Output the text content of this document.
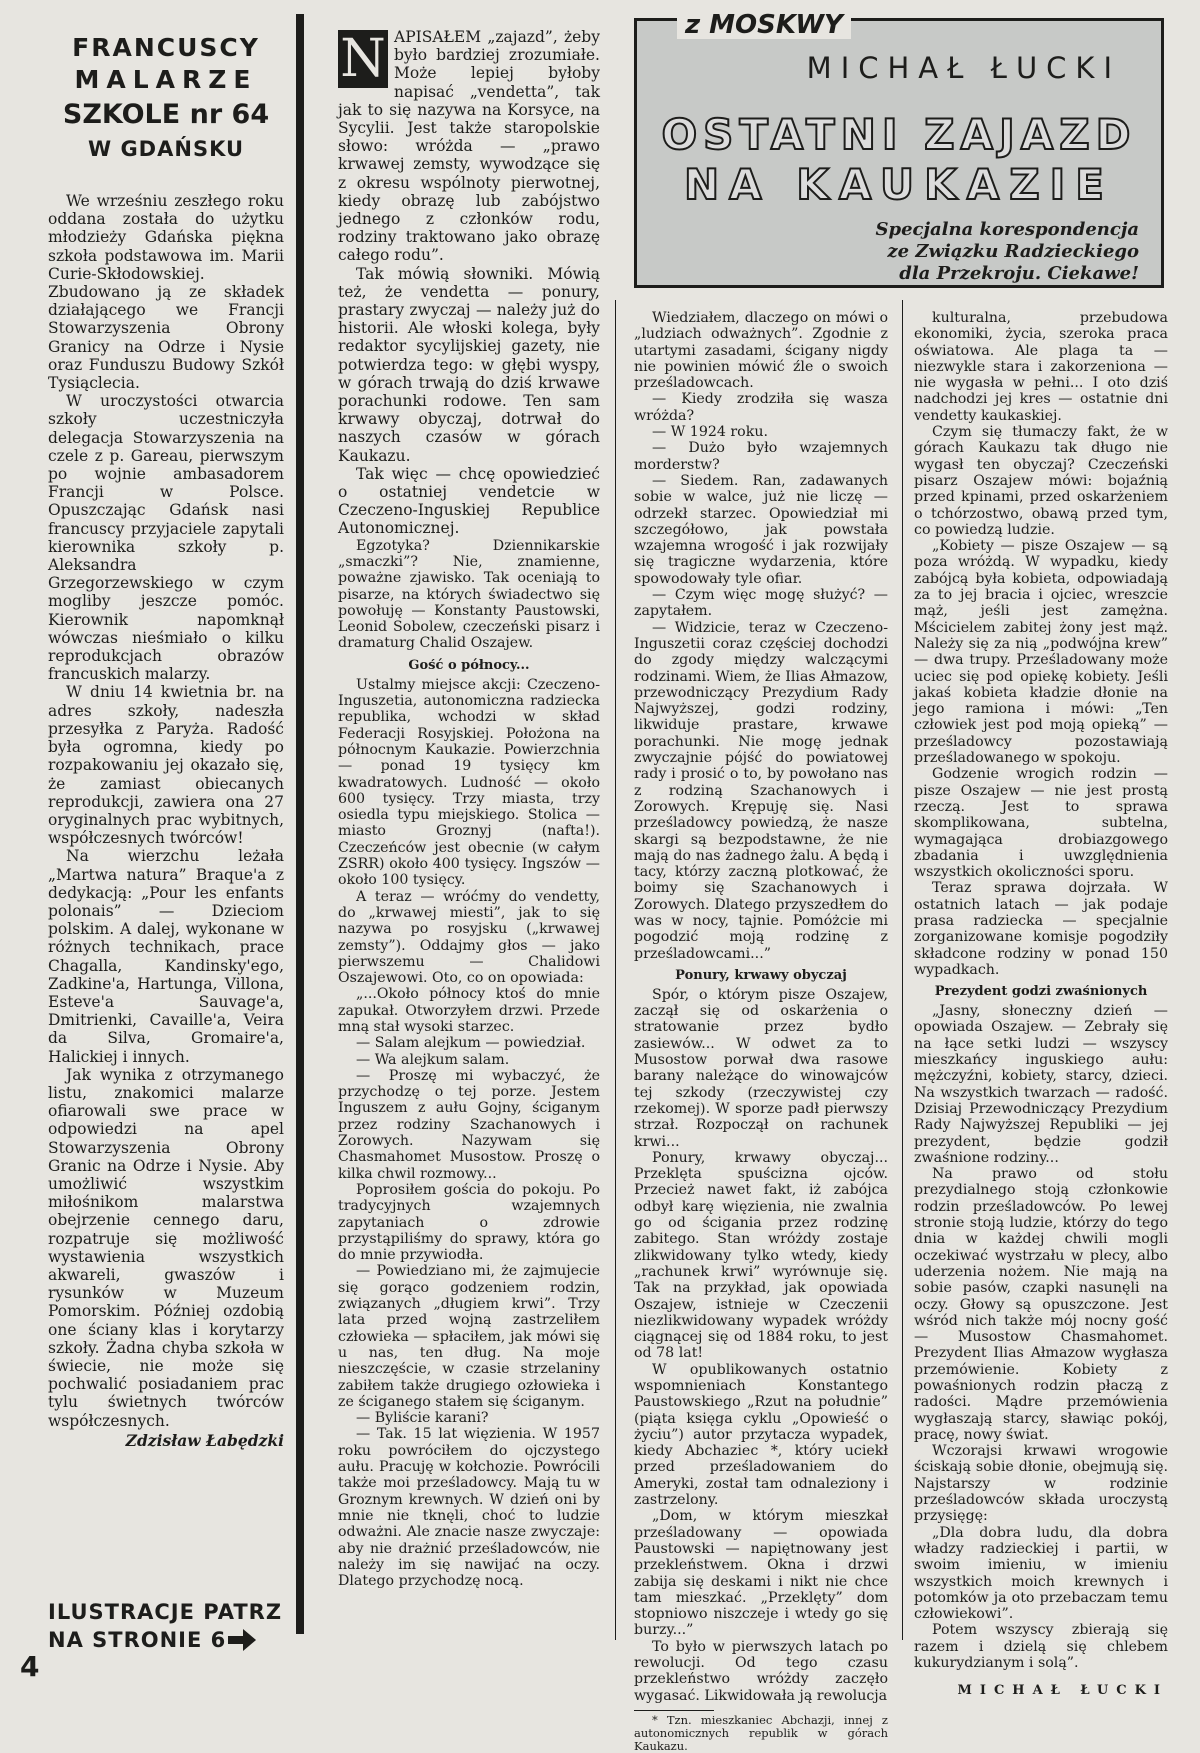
FRANCUSCY
MALARZE
SZKOLE nr 64
W GDAŃSKU

We wrześniu zeszłego roku oddana została do użytku młodzieży Gdańska piękna szkoła podstawowa im. Marii Curie-Skłodowskiej. Zbudowano ją ze składek działającego we Francji Stowarzyszenia Obrony Granicy na Odrze i Nysie oraz Funduszu Budowy Szkół Tysiąclecia.

W uroczystości otwarcia szkoły uczestniczyła delegacja Stowarzyszenia na czele z p. Gareau, pierwszym po wojnie ambasadorem Francji w Polsce. Opuszczając Gdańsk nasi francuscy przyjaciele zapytali kierownika szkoły p. Aleksandra Grzegorzewskiego w czym mogliby jeszcze pomóc. Kierownik napomknął wówczas nieśmiało o kilku reprodukcjach obrazów francuskich malarzy.

W dniu 14 kwietnia br. na adres szkoły, nadeszła przesyłka z Paryża. Radość była ogromna, kiedy po rozpakowaniu jej okazało się, że zamiast obiecanych reprodukcji, zawiera ona 27 oryginalnych prac wybitnych, współczesnych twórców!

Na wierzchu leżała „Martwa natura” Braque'a z dedykacją: „Pour les enfants polonais” — Dzieciom polskim. A dalej, wykonane w różnych technikach, prace Chagalla, Kandinsky'ego, Zadkine'a, Hartunga, Villona, Esteve'a Sauvage'a, Dmitrienki, Cavaille'a, Veira da Silva, Gromaire'a, Halickiej i innych.

Jak wynika z otrzymanego listu, znakomici malarze ofiarowali swe prace w odpowiedzi na apel Stowarzyszenia Obrony Granic na Odrze i Nysie. Aby umożliwić wszystkim miłośnikom malarstwa obejrzenie cennego daru, rozpatruje się możliwość wystawienia wszystkich akwareli, gwaszów i rysunków w Muzeum Pomorskim. Później ozdobią one ściany klas i korytarzy szkoły. Żadna chyba szkoła w świecie, nie może się pochwalić posiadaniem prac tylu świetnych twórców współczesnych.

Zdzisław Łabędzki

ILUSTRACJE PATRZ
NA STRONIE 6
4
z MOSKWY
MICHAŁ ŁUCKI
OSTATNI ZAJAZD
NA KAUKAZIE
Specjalna korespondencja
ze Związku Radzieckiego
dla Przekroju. Ciekawe!
N APISAŁEM „zajazd”, żeby było bardziej zrozumiałe. Może lepiej byłoby napisać „vendetta”, tak jak to się nazywa na Korsyce, na Sycylii. Jest także staropolskie słowo: wróżda — „prawo krwawej zemsty, wywodzące się z okresu wspólnoty pierwotnej, kiedy obrazę lub zabójstwo jednego z członków rodu, rodziny traktowano jako obrazę całego rodu”.

Tak mówią słowniki. Mówią też, że vendetta — ponury, prastary zwyczaj — należy już do historii. Ale włoski kolega, były redaktor sycylijskiej gazety, nie potwierdza tego: w głębi wyspy, w górach trwają do dziś krwawe porachunki rodowe. Ten sam krwawy obyczaj, dotrwał do naszych czasów w górach Kaukazu.

Tak więc — chcę opowiedzieć o ostatniej vendetcie w Czeczeno-Inguskiej Republice Autonomicznej.

Egzotyka? Dziennikarskie „smaczki”? Nie, znamienne, poważne zjawisko. Tak oceniają to pisarze, na których świadectwo się powołuję — Konstanty Paustowski, Leonid Sobolew, czeczeński pisarz i dramaturg Chalid Oszajew.

Gość o północy...

Ustalmy miejsce akcji: Czeczeno-Inguszetia, autonomiczna radziecka republika, wchodzi w skład Federacji Rosyjskiej. Położona na północnym Kaukazie. Powierzchnia — ponad 19 tysięcy km kwadratowych. Ludność — około 600 tysięcy. Trzy miasta, trzy osiedla typu miejskiego. Stolica — miasto Groznyj (nafta!). Czeczeńców jest obecnie (w całym ZSRR) około 400 tysięcy. Ingszów — około 100 tysięcy.

A teraz — wróćmy do vendetty, do „krwawej miesti”, jak to się nazywa po rosyjsku („krwawej zemsty”). Oddajmy głos — jako pierwszemu — Chalidowi Oszajewowi. Oto, co on opowiada:

„...Około północy ktoś do mnie zapukał. Otworzyłem drzwi. Przede mną stał wysoki starzec.

— Salam alejkum — powiedział.

— Wa alejkum salam.

— Proszę mi wybaczyć, że przychodzę o tej porze. Jestem Inguszem z aułu Gojny, ściganym przez rodziny Szachanowych i Zorowych. Nazywam się Chasmahomet Musostow. Proszę o kilka chwil rozmowy...

Poprosiłem gościa do pokoju. Po tradycyjnych wzajemnych zapytaniach o zdrowie przystąpiliśmy do sprawy, która go do mnie przywiodła.

— Powiedziano mi, że zajmujecie się gorąco godzeniem rodzin, związanych „długiem krwi”. Trzy lata przed wojną zastrzeliłem człowieka — spłaciłem, jak mówi się u nas, ten dług. Na moje nieszczęście, w czasie strzelaniny zabiłem także drugiego ozłowieka i ze ściganego stałem się ściganym.

— Byliście karani?

— Tak. 15 lat więzienia. W 1957 roku powróciłem do ojczystego aułu. Pracuję w kołchozie. Powrócili także moi prześladowcy. Mają tu w Groznym krewnych. W dzień oni by mnie nie tknęli, choć to ludzie odważni. Ale znacie nasze zwyczaje: aby nie drażnić prześladowców, nie należy im się nawijać na oczy. Dlatego przychodzę nocą.

Wiedziałem, dlaczego on mówi o „ludziach odważnych”. Zgodnie z utartymi zasadami, ścigany nigdy nie powinien mówić źle o swoich prześladowcach.

— Kiedy zrodziła się wasza wróżda?

— W 1924 roku.

— Dużo było wzajemnych morderstw?

— Siedem. Ran, zadawanych sobie w walce, już nie liczę — odrzekł starzec. Opowiedział mi szczegółowo, jak powstała wzajemna wrogość i jak rozwijały się tragiczne wydarzenia, które spowodowały tyle ofiar.

— Czym więc mogę służyć? — zapytałem.

— Widzicie, teraz w Czeczeno-Inguszetii coraz częściej dochodzi do zgody między walczącymi rodzinami. Wiem, że Ilias Ałmazow, przewodniczący Prezydium Rady Najwyższej, godzi rodziny, likwiduje prastare, krwawe porachunki. Nie mogę jednak zwyczajnie pójść do powiatowej rady i prosić o to, by powołano nas z rodziną Szachanowych i Zorowych. Krępuję się. Nasi prześladowcy powiedzą, że nasze skargi są bezpodstawne, że nie mają do nas żadnego żalu. A będą i tacy, którzy zaczną plotkować, że boimy się Szachanowych i Zorowych. Dlatego przyszedłem do was w nocy, tajnie. Pomóżcie mi pogodzić moją rodzinę z prześladowcami...”

Ponury, krwawy obyczaj

Spór, o którym pisze Oszajew, zaczął się od oskarżenia o stratowanie przez bydło zasiewów... W odwet za to Musostow porwał dwa rasowe barany należące do winowajców tej szkody (rzeczywistej czy rzekomej). W sporze padł pierwszy strzał. Rozpoczął on rachunek krwi...

Ponury, krwawy obyczaj... Przeklęta spuścizna ojców. Przecież nawet fakt, iż zabójca odbył karę więzienia, nie zwalnia go od ścigania przez rodzinę zabitego. Stan wróżdy zostaje zlikwidowany tylko wtedy, kiedy „rachunek krwi” wyrównuje się. Tak na przykład, jak opowiada Oszajew, istnieje w Czeczenii niezlikwidowany wypadek wróżdy ciągnącej się od 1884 roku, to jest od 78 lat!

W opublikowanych ostatnio wspomnieniach Konstantego Paustowskiego „Rzut na południe” (piąta księga cyklu „Opowieść o życiu”) autor przytacza wypadek, kiedy Abchaziec *, który uciekł przed prześladowaniem do Ameryki, został tam odnaleziony i zastrzelony.

„Dom, w którym mieszkał prześladowany — opowiada Paustowski — napiętnowany jest przekleństwem. Okna i drzwi zabija się deskami i nikt nie chce tam mieszkać. „Przeklęty” dom stopniowo niszczeje i wtedy go się burzy...”

To było w pierwszych latach po rewolucji. Od tego czasu przekleństwo wróżdy zaczęło wygasać. Likwidowała ją rewolucja

* Tzn. mieszkaniec Abchazji, innej z autonomicznych republik w górach Kaukazu.

kulturalna, przebudowa ekonomiki, życia, szeroka praca oświatowa. Ale plaga ta — niezwykle stara i zakorzeniona — nie wygasła w pełni... I oto dziś nadchodzi jej kres — ostatnie dni vendetty kaukaskiej.

Czym się tłumaczy fakt, że w górach Kaukazu tak długo nie wygasł ten obyczaj? Czeczeński pisarz Oszajew mówi: bojaźnią przed kpinami, przed oskarżeniem o tchórzostwo, obawą przed tym, co powiedzą ludzie.

„Kobiety — pisze Oszajew — są poza wróżdą. W wypadku, kiedy zabójcą była kobieta, odpowiadają za to jej bracia i ojciec, wreszcie mąż, jeśli jest zamężna. Mścicielem zabitej żony jest mąż. Należy się za nią „podwójna krew” — dwa trupy. Prześladowany może uciec się pod opiekę kobiety. Jeśli jakaś kobieta kładzie dłonie na jego ramiona i mówi: „Ten człowiek jest pod moją opieką” — prześladowcy pozostawiają prześladowanego w spokoju.

Godzenie wrogich rodzin — pisze Oszajew — nie jest prostą rzeczą. Jest to sprawa skomplikowana, subtelna, wymagająca drobiazgowego zbadania i uwzględnienia wszystkich okoliczności sporu.

Teraz sprawa dojrzała. W ostatnich latach — jak podaje prasa radziecka — specjalnie zorganizowane komisje pogodziły składcone rodziny w ponad 150 wypadkach.

Prezydent godzi zwaśnionych

„Jasny, słoneczny dzień — opowiada Oszajew. — Zebrały się na łące setki ludzi — wszyscy mieszkańcy inguskiego aułu: mężczyźni, kobiety, starcy, dzieci. Na wszystkich twarzach — radość. Dzisiaj Przewodniczący Prezydium Rady Najwyższej Republiki — jej prezydent, będzie godził zwaśnione rodziny...

Na prawo od stołu prezydialnego stoją członkowie rodzin prześladowców. Po lewej stronie stoją ludzie, którzy do tego dnia w każdej chwili mogli oczekiwać wystrzału w plecy, albo uderzenia nożem. Nie mają na sobie pasów, czapki nasunęli na oczy. Głowy są opuszczone. Jest wśród nich także mój nocny gość — Musostow Chasmahomet. Prezydent Ilias Ałmazow wygłasza przemówienie. Kobiety z powaśnionych rodzin płaczą z radości. Mądre przemówienia wygłaszają starcy, sławiąc pokój, pracę, nowy świat.

Wczorajsi krwawi wrogowie ściskają sobie dłonie, obejmują się. Najstarszy w rodzinie prześladowców składa uroczystą przysięgę:

„Dla dobra ludu, dla dobra władzy radzieckiej i partii, w swoim imieniu, w imieniu wszystkich moich krewnych i potomków ja oto przebaczam temu człowiekowi”.

Potem wszyscy zbierają się razem i dzielą się chlebem kukurydzianym i solą”.

MICHAŁ ŁUCKI
